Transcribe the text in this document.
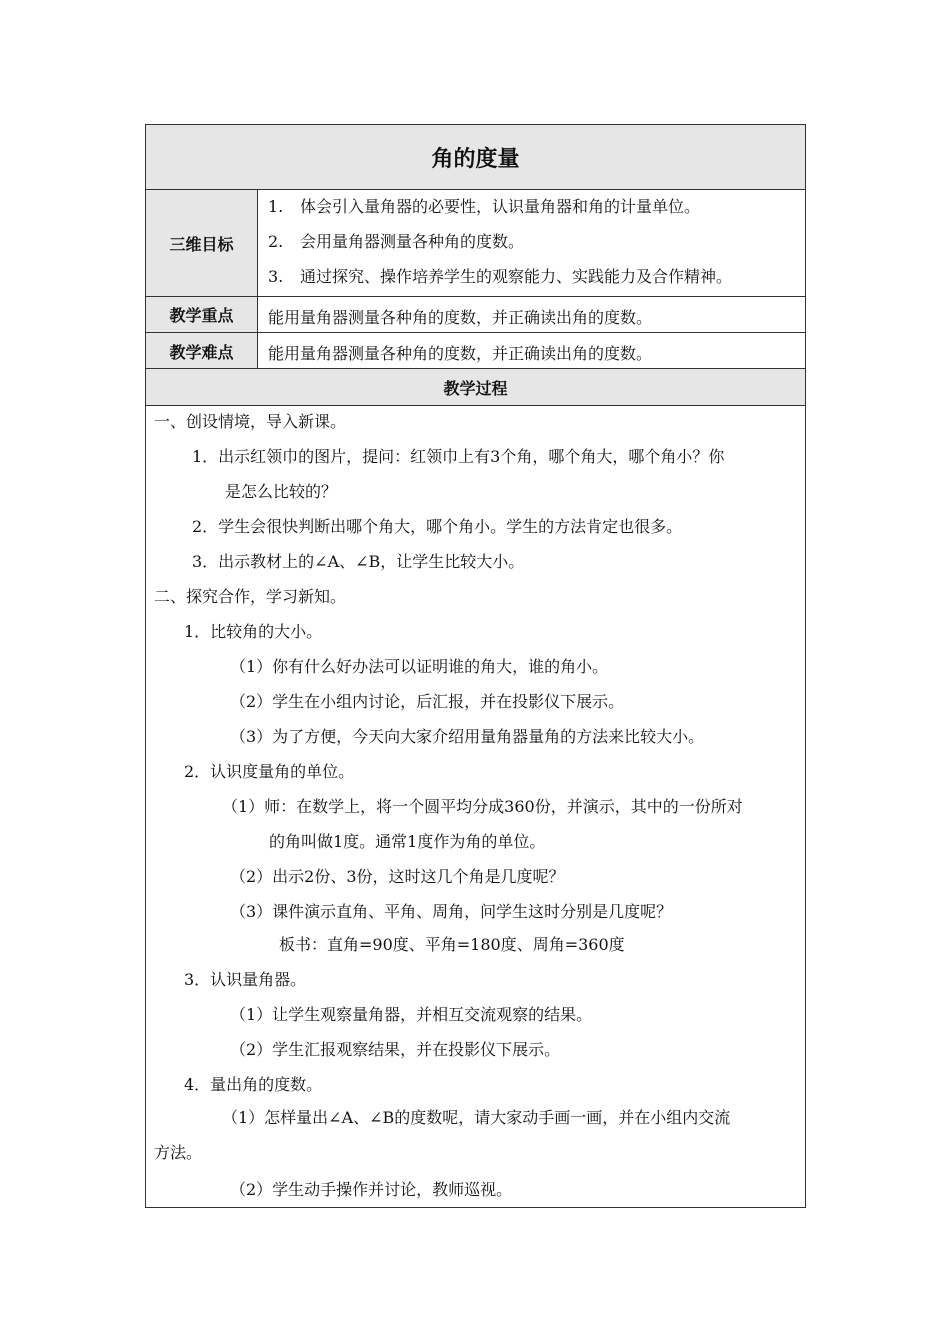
角的度量
三维目标
1. 体会引入量角器的必要性，认识量角器和角的计量单位。
2. 会用量角器测量各种角的度数。
3. 通过探究、操作培养学生的观察能力、实践能力及合作精神。
教学重点	能用量角器测量各种角的度数，并正确读出角的度数。
教学难点	能用量角器测量各种角的度数，并正确读出角的度数。
教学过程
一、创设情境，导入新课。
1．出示红领巾的图片，提问：红领巾上有3个角，哪个角大，哪个角小？你
是怎么比较的？
2．学生会很快判断出哪个角大，哪个角小。学生的方法肯定也很多。
3．出示教材上的∠A、∠B，让学生比较大小。
二、探究合作，学习新知。
1．比较角的大小。
（1）你有什么好办法可以证明谁的角大，谁的角小。
（2）学生在小组内讨论，后汇报，并在投影仪下展示。
（3）为了方便，今天向大家介绍用量角器量角的方法来比较大小。
2．认识度量角的单位。
（1）师：在数学上，将一个圆平均分成360份，并演示，其中的一份所对
的角叫做1度。通常1度作为角的单位。
（2）出示2份、3份，这时这几个角是几度呢？
（3）课件演示直角、平角、周角，问学生这时分别是几度呢？
板书：直角=90度、平角=180度、周角=360度
3．认识量角器。
（1）让学生观察量角器，并相互交流观察的结果。
（2）学生汇报观察结果，并在投影仪下展示。
4．量出角的度数。
（1）怎样量出∠A、∠B的度数呢，请大家动手画一画，并在小组内交流
方法。
（2）学生动手操作并讨论，教师巡视。
